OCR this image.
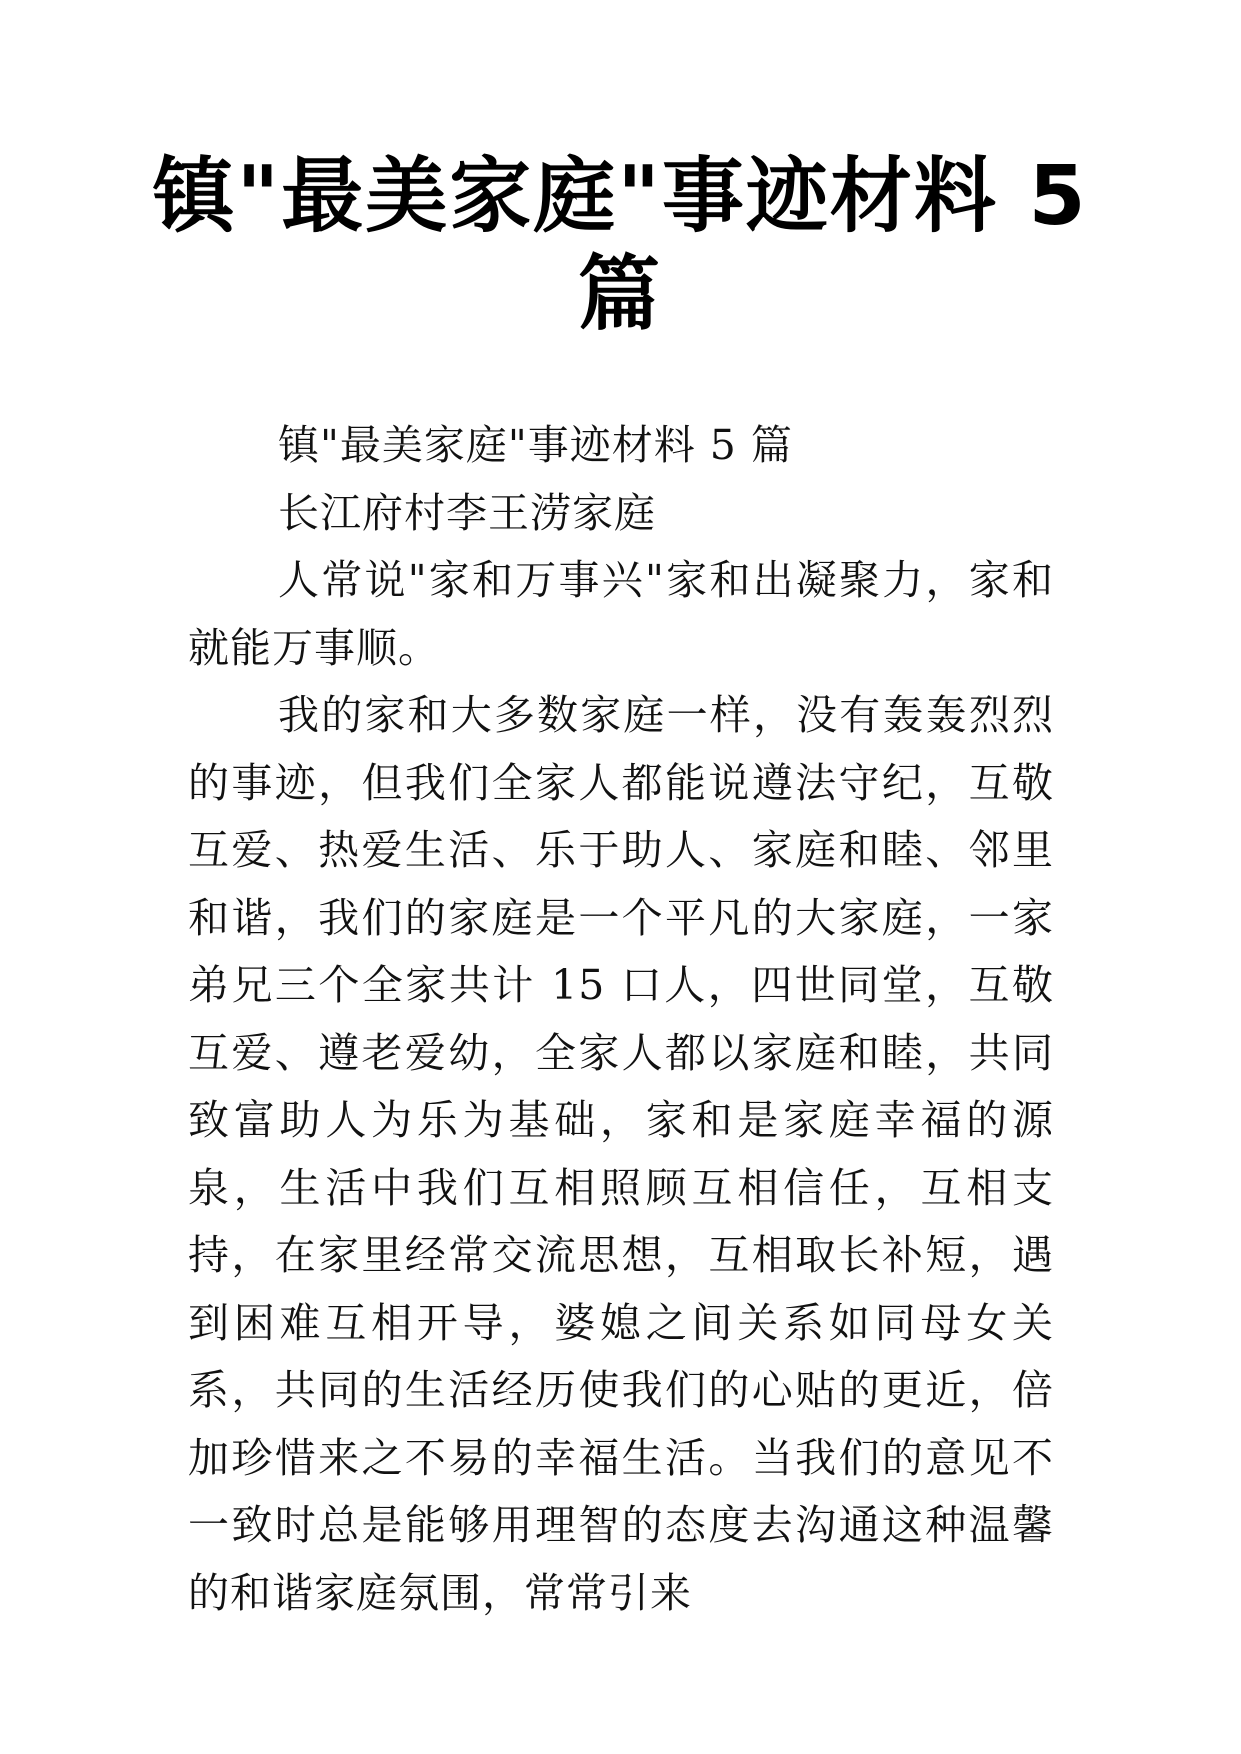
镇"最美家庭"事迹材料 5 篇

镇"最美家庭"事迹材料 5 篇

长江府村李王涝家庭

人常说"家和万事兴"家和出凝聚力，家和就能万事顺。

我的家和大多数家庭一样，没有轰轰烈烈的事迹，但我们全家人都能说遵法守纪，互敬互爱、热爱生活、乐于助人、家庭和睦、邻里和谐，我们的家庭是一个平凡的大家庭，一家弟兄三个全家共计 15 口人，四世同堂，互敬互爱、遵老爱幼，全家人都以家庭和睦，共同致富助人为乐为基础，家和是家庭幸福的源泉，生活中我们互相照顾互相信任，互相支持，在家里经常交流思想，互相取长补短，遇到困难互相开导，婆媳之间关系如同母女关系，共同的生活经历使我们的心贴的更近，倍加珍惜来之不易的幸福生活。当我们的意见不一致时总是能够用理智的态度去沟通这种温馨的和谐家庭氛围，常常引来
